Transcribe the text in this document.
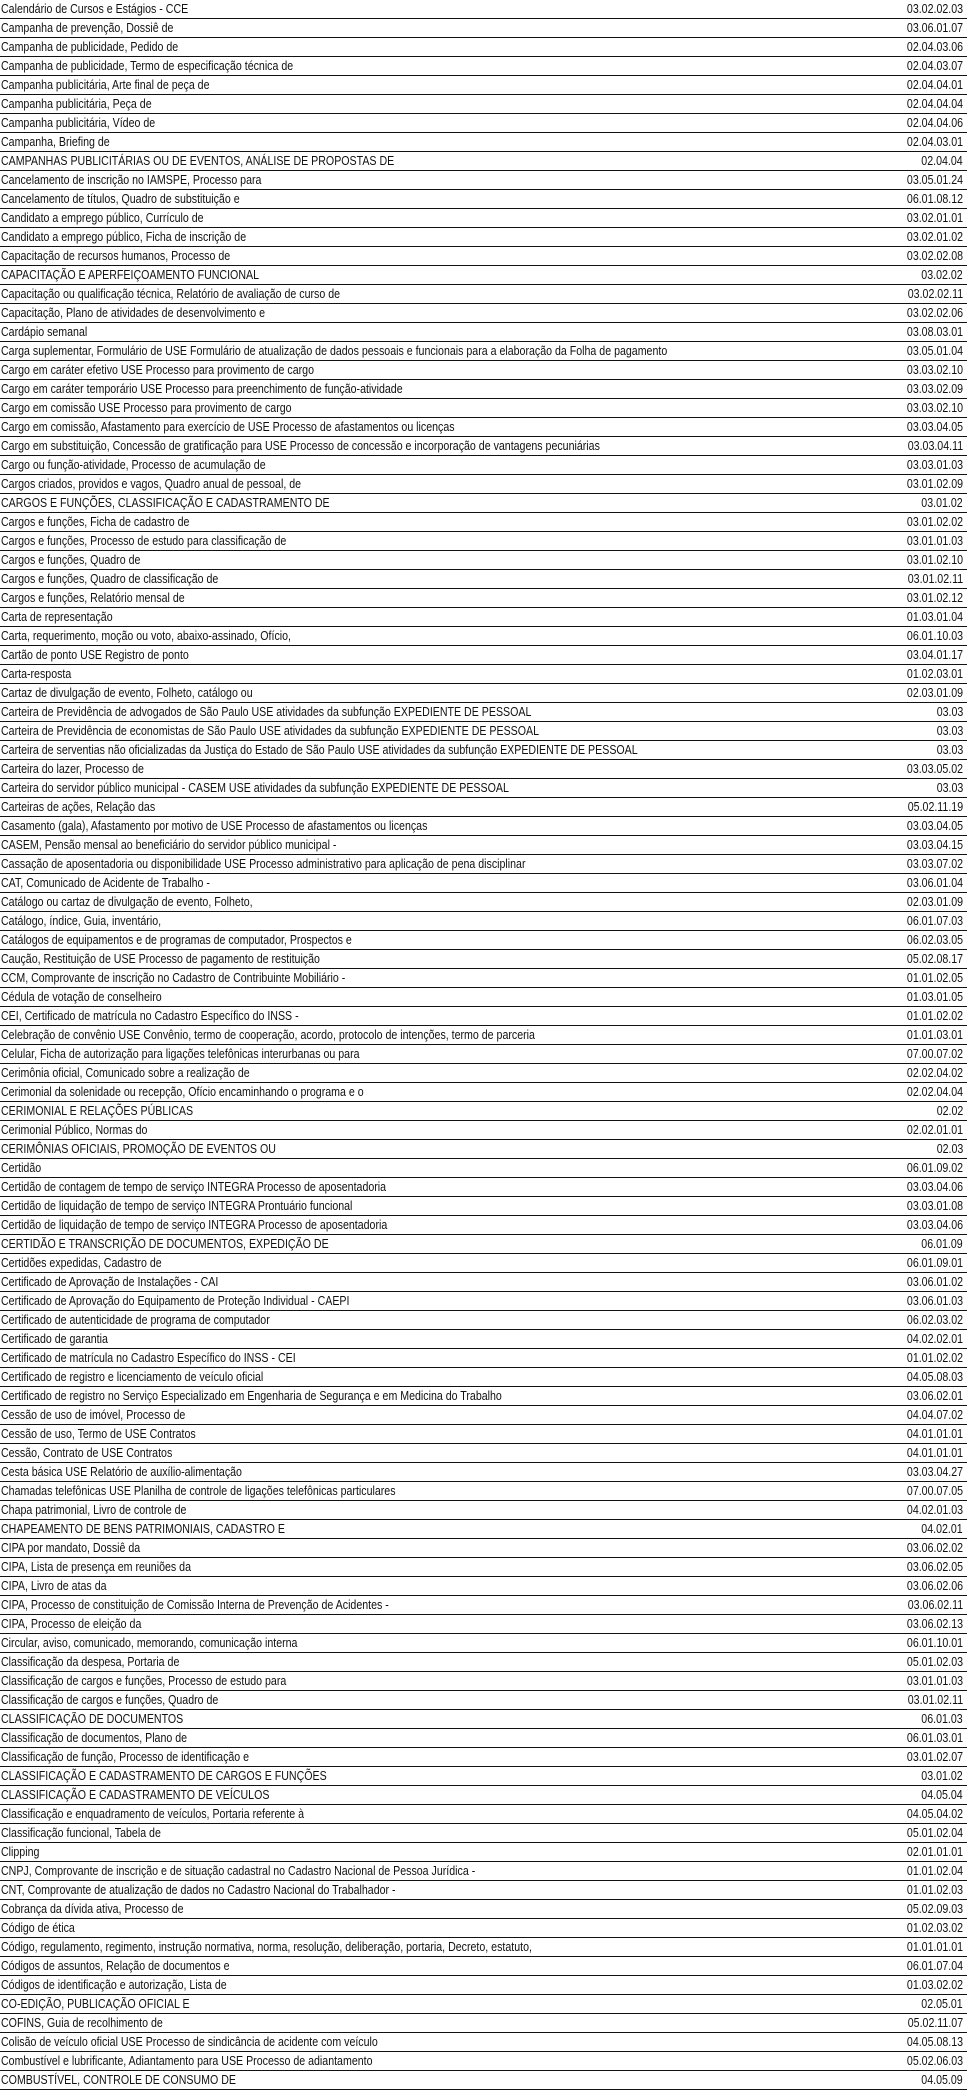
Calendário de Cursos e Estágios - CCE	03.02.02.03
Campanha de prevenção, Dossiê de	03.06.01.07
Campanha de publicidade, Pedido de	02.04.03.06
Campanha de publicidade, Termo de especificação técnica de	02.04.03.07
Campanha publicitária, Arte final de peça de	02.04.04.01
Campanha publicitária, Peça de	02.04.04.04
Campanha publicitária, Vídeo de	02.04.04.06
Campanha, Briefing de	02.04.03.01
CAMPANHAS PUBLICITÁRIAS OU DE EVENTOS, ANÁLISE DE PROPOSTAS DE	02.04.04
Cancelamento de inscrição no IAMSPE, Processo para	03.05.01.24
Cancelamento de títulos, Quadro de substituição e	06.01.08.12
Candidato a emprego público, Currículo de	03.02.01.01
Candidato a emprego público, Ficha de inscrição de	03.02.01.02
Capacitação de recursos humanos, Processo de	03.02.02.08
CAPACITAÇÃO E APERFEIÇOAMENTO FUNCIONAL	03.02.02
Capacitação ou qualificação técnica, Relatório de avaliação de curso de	03.02.02.11
Capacitação, Plano de atividades de desenvolvimento e	03.02.02.06
Cardápio semanal	03.08.03.01
Carga suplementar, Formulário de USE Formulário de atualização de dados pessoais e funcionais para a elaboração da Folha de pagamento	03.05.01.04
Cargo em caráter efetivo USE Processo para provimento de cargo	03.03.02.10
Cargo em caráter temporário USE Processo para preenchimento de função-atividade	03.03.02.09
Cargo em comissão USE Processo para provimento de cargo	03.03.02.10
Cargo em comissão, Afastamento para exercício de USE Processo de afastamentos ou licenças	03.03.04.05
Cargo em substituição, Concessão de gratificação para USE Processo de concessão e incorporação de vantagens pecuniárias	03.03.04.11
Cargo ou função-atividade, Processo de acumulação de	03.03.01.03
Cargos criados, providos e vagos, Quadro anual de pessoal, de	03.01.02.09
CARGOS E FUNÇÕES, CLASSIFICAÇÃO E CADASTRAMENTO DE	03.01.02
Cargos e funções, Ficha de cadastro de	03.01.02.02
Cargos e funções, Processo de estudo para classificação de	03.01.01.03
Cargos e funções, Quadro de	03.01.02.10
Cargos e funções, Quadro de classificação de	03.01.02.11
Cargos e funções, Relatório mensal de	03.01.02.12
Carta de representação	01.03.01.04
Carta, requerimento, moção ou voto, abaixo-assinado, Ofício,	06.01.10.03
Cartão de ponto USE Registro de ponto	03.04.01.17
Carta-resposta	01.02.03.01
Cartaz de divulgação de evento, Folheto, catálogo ou	02.03.01.09
Carteira de Previdência de advogados de São Paulo USE atividades da subfunção EXPEDIENTE DE PESSOAL	03.03
Carteira de Previdência de economistas de São Paulo USE atividades da subfunção EXPEDIENTE DE PESSOAL	03.03
Carteira de serventias não oficializadas da Justiça do Estado de São Paulo USE atividades da subfunção EXPEDIENTE DE PESSOAL	03.03
Carteira do lazer, Processo de	03.03.05.02
Carteira do servidor público municipal - CASEM USE atividades da subfunção EXPEDIENTE DE PESSOAL	03.03
Carteiras de ações, Relação das	05.02.11.19
Casamento (gala), Afastamento por motivo de USE Processo de afastamentos ou licenças	03.03.04.05
CASEM, Pensão mensal ao beneficiário do servidor público municipal -	03.03.04.15
Cassação de aposentadoria ou disponibilidade USE Processo administrativo para aplicação de pena disciplinar	03.03.07.02
CAT, Comunicado de Acidente de Trabalho -	03.06.01.04
Catálogo ou cartaz de divulgação de evento, Folheto,	02.03.01.09
Catálogo, índice, Guia, inventário,	06.01.07.03
Catálogos de equipamentos e de programas de computador, Prospectos e	06.02.03.05
Caução, Restituição de USE Processo de pagamento de restituição	05.02.08.17
CCM, Comprovante de inscrição no Cadastro de Contribuinte Mobiliário -	01.01.02.05
Cédula de votação de conselheiro	01.03.01.05
CEI, Certificado de matrícula no Cadastro Específico do INSS -	01.01.02.02
Celebração de convênio USE Convênio, termo de cooperação, acordo, protocolo de intenções, termo de parceria	01.01.03.01
Celular, Ficha de autorização para ligações telefônicas interurbanas ou para	07.00.07.02
Cerimônia oficial, Comunicado sobre a realização de	02.02.04.02
Cerimonial da solenidade ou recepção, Ofício encaminhando o programa e o	02.02.04.04
CERIMONIAL E RELAÇÕES PÚBLICAS	02.02
Cerimonial Público, Normas do	02.02.01.01
CERIMÔNIAS OFICIAIS, PROMOÇÃO DE EVENTOS OU	02.03
Certidão	06.01.09.02
Certidão de contagem de tempo de serviço INTEGRA Processo de aposentadoria	03.03.04.06
Certidão de liquidação de tempo de serviço INTEGRA Prontuário funcional	03.03.01.08
Certidão de liquidação de tempo de serviço INTEGRA Processo de aposentadoria	03.03.04.06
CERTIDÃO E TRANSCRIÇÃO DE DOCUMENTOS, EXPEDIÇÃO DE	06.01.09
Certidões expedidas, Cadastro de	06.01.09.01
Certificado de Aprovação de Instalações - CAI	03.06.01.02
Certificado de Aprovação do Equipamento de Proteção Individual - CAEPI	03.06.01.03
Certificado de autenticidade de programa de computador	06.02.03.02
Certificado de garantia	04.02.02.01
Certificado de matrícula no Cadastro Específico do INSS - CEI	01.01.02.02
Certificado de registro e licenciamento de veículo oficial	04.05.08.03
Certificado de registro no Serviço Especializado em Engenharia de Segurança e em Medicina do Trabalho	03.06.02.01
Cessão de uso de imóvel, Processo de	04.04.07.02
Cessão de uso, Termo de USE Contratos	04.01.01.01
Cessão, Contrato de USE Contratos	04.01.01.01
Cesta básica USE Relatório de auxílio-alimentação	03.03.04.27
Chamadas telefônicas USE Planilha de controle de ligações telefônicas particulares	07.00.07.05
Chapa patrimonial, Livro de controle de	04.02.01.03
CHAPEAMENTO DE BENS PATRIMONIAIS, CADASTRO E	04.02.01
CIPA por mandato, Dossiê da	03.06.02.02
CIPA, Lista de presença em reuniões da	03.06.02.05
CIPA, Livro de atas da	03.06.02.06
CIPA, Processo de constituição de Comissão Interna de Prevenção de Acidentes -	03.06.02.11
CIPA, Processo de eleição da	03.06.02.13
Circular, aviso, comunicado, memorando, comunicação interna	06.01.10.01
Classificação da despesa, Portaria de	05.01.02.03
Classificação de cargos e funções, Processo de estudo para	03.01.01.03
Classificação de cargos e funções, Quadro de	03.01.02.11
CLASSIFICAÇÃO DE DOCUMENTOS	06.01.03
Classificação de documentos, Plano de	06.01.03.01
Classificação de função, Processo de identificação e	03.01.02.07
CLASSIFICAÇÃO E CADASTRAMENTO DE CARGOS E FUNÇÕES	03.01.02
CLASSIFICAÇÃO E CADASTRAMENTO DE VEÍCULOS	04.05.04
Classificação e enquadramento de veículos, Portaria referente à	04.05.04.02
Classificação funcional, Tabela de	05.01.02.04
Clipping	02.01.01.01
CNPJ, Comprovante de inscrição e de situação cadastral no Cadastro Nacional de Pessoa Jurídica -	01.01.02.04
CNT, Comprovante de atualização de dados no Cadastro Nacional do Trabalhador -	01.01.02.03
Cobrança da dívida ativa, Processo de	05.02.09.03
Código de ética	01.02.03.02
Código, regulamento, regimento, instrução normativa, norma, resolução, deliberação, portaria, Decreto, estatuto,	01.01.01.01
Códigos de assuntos, Relação de documentos e	06.01.07.04
Códigos de identificação e autorização, Lista de	01.03.02.02
CO-EDIÇÃO, PUBLICAÇÃO OFICIAL E	02.05.01
COFINS, Guia de recolhimento de	05.02.11.07
Colisão de veículo oficial USE Processo de sindicância de acidente com veículo	04.05.08.13
Combustível e lubrificante, Adiantamento para USE Processo de adiantamento	05.02.06.03
COMBUSTÍVEL, CONTROLE DE CONSUMO DE	04.05.09
